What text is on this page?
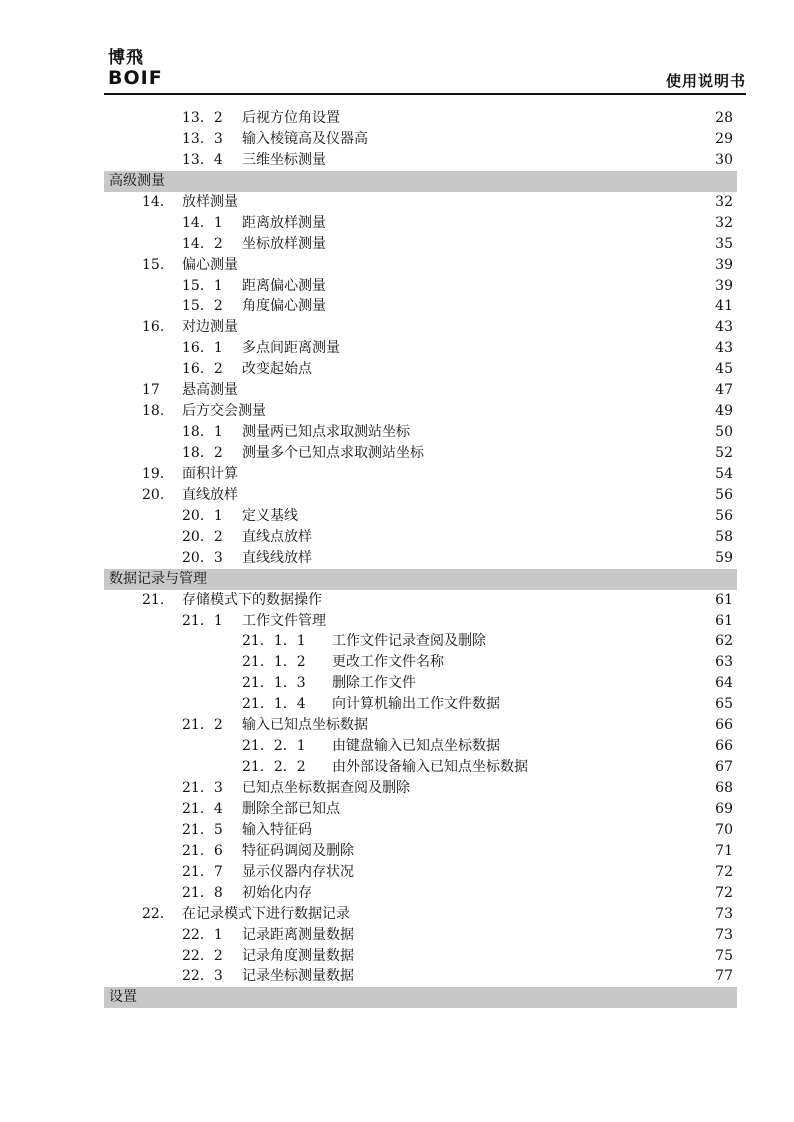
博飛
BOIF	使用说明书
13．2 后视方位角设置	28
13．3 输入棱镜高及仪器高	29
13．4 三维坐标测量	30
高级测量
14. 放样测量	32
14．1 距离放样测量	32
14．2 坐标放样测量	35
15. 偏心测量	39
15．1 距离偏心测量	39
15．2 角度偏心测量	41
16. 对边测量	43
16．1 多点间距离测量	43
16．2 改变起始点	45
17 悬高测量	47
18. 后方交会测量	49
18．1 测量两已知点求取测站坐标	50
18．2 测量多个已知点求取测站坐标	52
19. 面积计算	54
20. 直线放样	56
20．1 定义基线	56
20．2 直线点放样	58
20．3 直线线放样	59
数据记录与管理
21. 存储模式下的数据操作	61
21．1 工作文件管理	61
21．1．1 工作文件记录查阅及删除	62
21．1．2 更改工作文件名称	63
21．1．3 删除工作文件	64
21．1．4 向计算机输出工作文件数据	65
21．2 输入已知点坐标数据	66
21．2．1 由键盘输入已知点坐标数据	66
21．2．2 由外部设备输入已知点坐标数据	67
21．3 已知点坐标数据查阅及删除	68
21．4 删除全部已知点	69
21．5 输入特征码	70
21．6 特征码调阅及删除	71
21．7 显示仪器内存状况	72
21．8 初始化内存	72
22. 在记录模式下进行数据记录	73
22．1 记录距离测量数据	73
22．2 记录角度测量数据	75
22．3 记录坐标测量数据	77
设置
